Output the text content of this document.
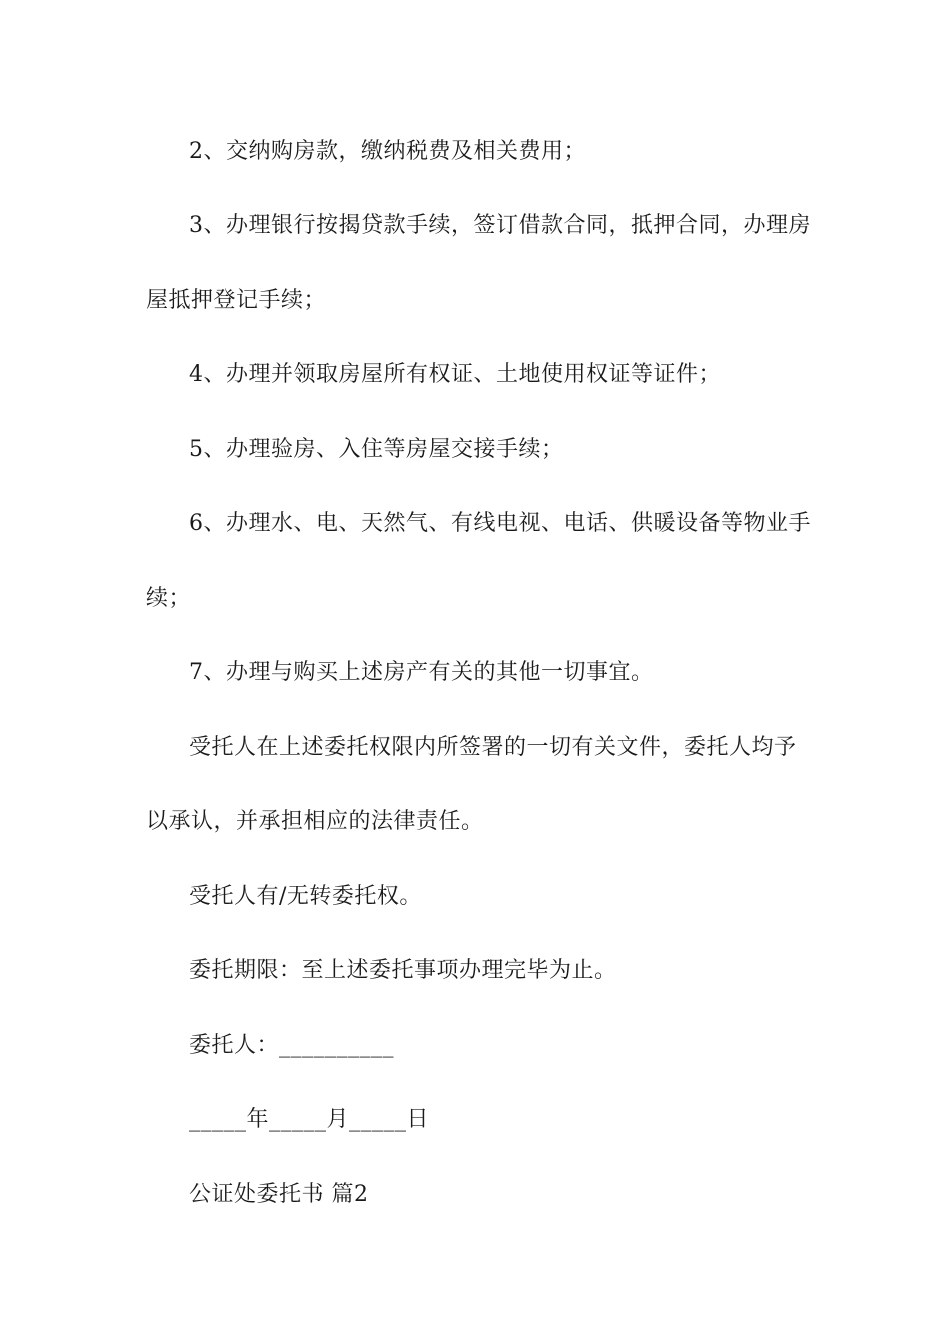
2、交纳购房款，缴纳税费及相关费用；
3、办理银行按揭贷款手续，签订借款合同，抵押合同，办理房
屋抵押登记手续；
4、办理并领取房屋所有权证、土地使用权证等证件；
5、办理验房、入住等房屋交接手续；
6、办理水、电、天然气、有线电视、电话、供暖设备等物业手
续；
7、办理与购买上述房产有关的其他一切事宜。
受托人在上述委托权限内所签署的一切有关文件，委托人均予
以承认，并承担相应的法律责任。
受托人有/无转委托权。
委托期限：至上述委托事项办理完毕为止。
委托人：__________
_____年_____月_____日
公证处委托书 篇2
